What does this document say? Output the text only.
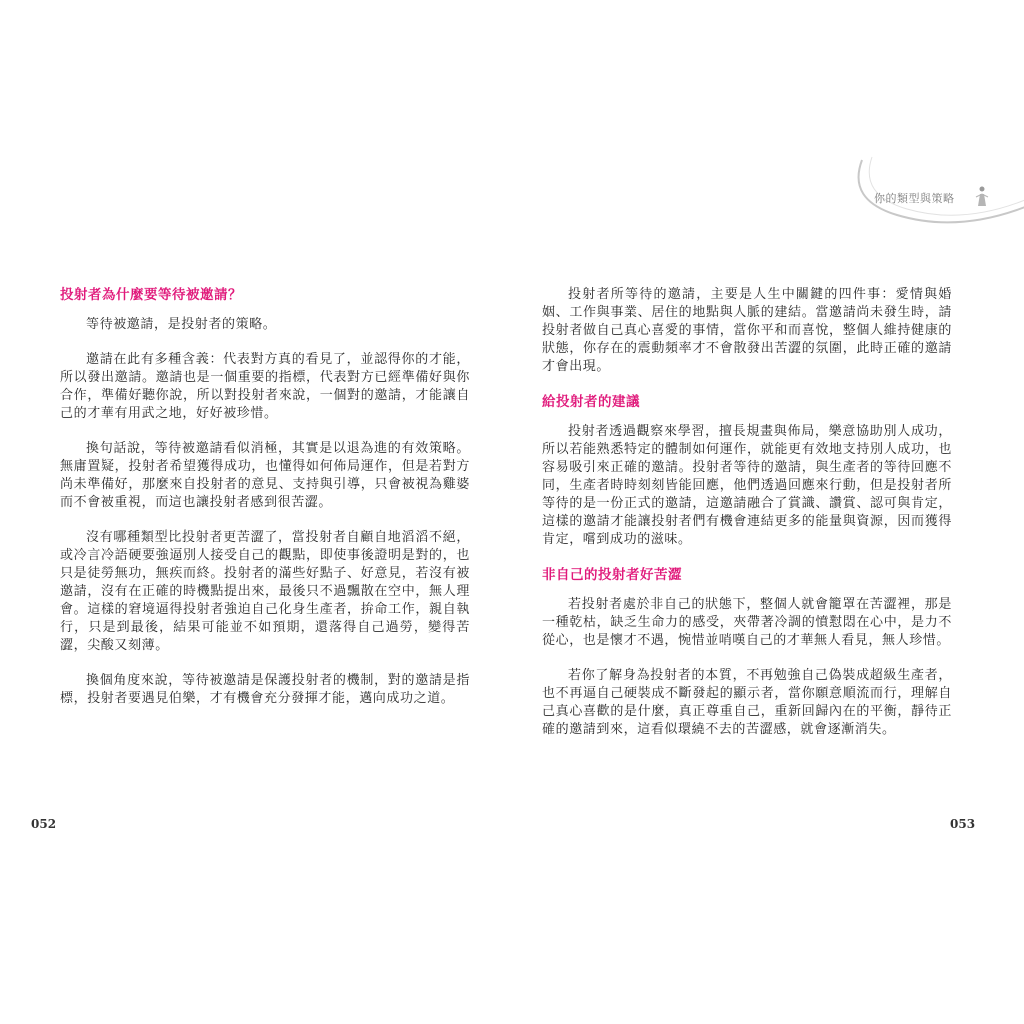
投射者為什麼要等待被邀請？

等待被邀請，是投射者的策略。

邀請在此有多種含義：代表對方真的看見了，並認得你的才能，所以發出邀請。邀請也是一個重要的指標，代表對方已經準備好與你合作，準備好聽你說，所以對投射者來說，一個對的邀請，才能讓自己的才華有用武之地，好好被珍惜。

換句話說，等待被邀請看似消極，其實是以退為進的有效策略。無庸置疑，投射者希望獲得成功，也懂得如何佈局運作，但是若對方尚未準備好，那麼來自投射者的意見、支持與引導，只會被視為雞婆而不會被重視，而這也讓投射者感到很苦澀。

沒有哪種類型比投射者更苦澀了，當投射者自顧自地滔滔不絕，或冷言冷語硬要強逼別人接受自己的觀點，即使事後證明是對的，也只是徒勞無功，無疾而終。投射者的滿些好點子、好意見，若沒有被邀請，沒有在正確的時機點提出來，最後只不過飄散在空中，無人理會。這樣的窘境逼得投射者強迫自己化身生產者，拚命工作，親自執行，只是到最後，結果可能並不如預期，還落得自己過勞，變得苦澀，尖酸又刻薄。

換個角度來說，等待被邀請是保護投射者的機制，對的邀請是指標，投射者要遇見伯樂，才有機會充分發揮才能，邁向成功之道。

052
你的類型與策略

投射者所等待的邀請，主要是人生中關鍵的四件事：愛情與婚姻、工作與事業、居住的地點與人脈的建結。當邀請尚未發生時，請投射者做自己真心喜愛的事情，當你平和而喜悅，整個人維持健康的狀態，你存在的震動頻率才不會散發出苦澀的氛圍，此時正確的邀請才會出現。

給投射者的建議

投射者透過觀察來學習，擅長規畫與佈局，樂意協助別人成功，所以若能熟悉特定的體制如何運作，就能更有效地支持別人成功，也容易吸引來正確的邀請。投射者等待的邀請，與生產者的等待回應不同，生產者時時刻刻皆能回應，他們透過回應來行動，但是投射者所等待的是一份正式的邀請，這邀請融合了賞識、讚賞、認可與肯定，這樣的邀請才能讓投射者們有機會連結更多的能量與資源，因而獲得肯定，嚐到成功的滋味。

非自己的投射者好苦澀

若投射者處於非自己的狀態下，整個人就會籠罩在苦澀裡，那是一種乾枯，缺乏生命力的感受，夾帶著冷調的憤懟悶在心中，是力不從心，也是懷才不遇，惋惜並哨嘆自己的才華無人看見，無人珍惜。

若你了解身為投射者的本質，不再勉強自己偽裝成超級生產者，也不再逼自己硬裝成不斷發起的顯示者，當你願意順流而行，理解自己真心喜歡的是什麼，真正尊重自己，重新回歸內在的平衡，靜待正確的邀請到來，這看似環繞不去的苦澀感，就會逐漸消失。

053
